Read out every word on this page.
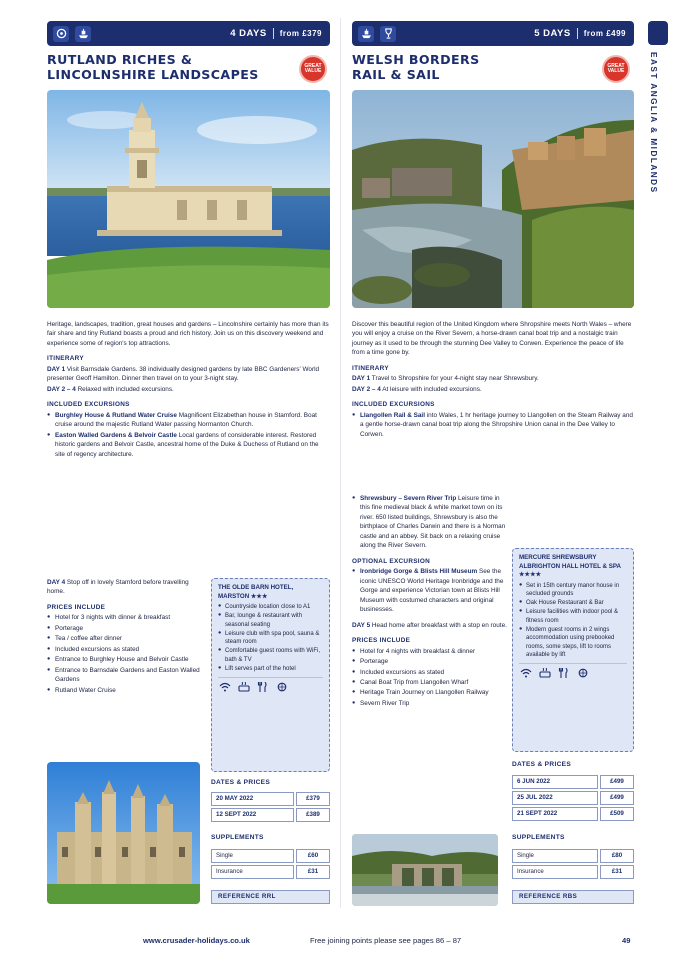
4 DAYS from £379
RUTLAND RICHES &
LINCOLNSHIRE LANDSCAPES
GREAT VALUE

Heritage, landscapes, tradition, great houses and gardens – Lincolnshire certainly has more than its fair share and tiny Rutland boasts a proud and rich history. Join us on this discovery weekend and experience some of region's top attractions.

ITINERARY
DAY 1 Visit Barnsdale Gardens. 38 individually designed gardens by late BBC Gardeners' World presenter Geoff Hamilton. Dinner then travel on to your 3-night stay.
DAY 2 – 4 Relaxed with included excursions.
INCLUDED EXCURSIONS
● Burghley House & Rutland Water Cruise Magnificent Elizabethan house in Stamford. Boat cruise around the majestic Rutland Water passing Normanton Church.
● Easton Walled Gardens & Belvoir Castle Local gardens of considerable interest. Restored historic gardens and Belvoir Castle, ancestral home of the Duke & Duchess of Rutland on the site of regency architecture.
DAY 4 Stop off in lovely Stamford before travelling home.
PRICES INCLUDE
● Hotel for 3 nights with dinner & breakfast
● Porterage
● Tea / coffee after dinner
● Included excursions as stated
● Entrance to Burghley House and Belvoir Castle
● Entrance to Barnsdale Gardens and Easton Walled Gardens
● Rutland Water Cruise
THE OLDE BARN HOTEL, MARSTON ★★★
● Countryside location close to A1
● Bar, lounge & restaurant with seasonal seating
● Leisure club with spa pool, sauna & steam room
● Comfortable guest rooms with WiFi, bath & TV
● Lift serves part of the hotel
DATES & PRICES
20 MAY 2022	£379
12 SEPT 2022	£389
SUPPLEMENTS
Single	£60
Insurance	£31
REFERENCE RRL
5 DAYS from £499
WELSH BORDERS
RAIL & SAIL
GREAT VALUE

Discover this beautiful region of the United Kingdom where Shropshire meets North Wales – where you will enjoy a cruise on the River Severn, a horse-drawn canal boat trip and a nostalgic train journey as it used to be through the stunning Dee Valley to Corwen. Experience the peace of life from a time gone by.

ITINERARY
DAY 1 Travel to Shropshire for your 4-night stay near Shrewsbury.
DAY 2 – 4 At leisure with included excursions.
INCLUDED EXCURSIONS
● Llangollen Rail & Sail into Wales, 1 hr heritage journey to Llangollen on the Steam Railway and a gentle horse-drawn canal boat trip along the Shropshire Union canal in the Dee Valley to Corwen.
● Shrewsbury – Severn River Trip Leisure time in this fine medieval black & white market town on its river. 650 listed buildings, Shrewsbury is also the birthplace of Charles Darwin and there is a Norman castle and an abbey. Sit back on a relaxing cruise along the River Severn.
OPTIONAL EXCURSION
● Ironbridge Gorge & Blists Hill Museum See the iconic UNESCO World Heritage Ironbridge and the Gorge and experience Victorian town at Blists Hill Museum with costumed characters and original businesses.
DAY 5 Head home after breakfast with a stop en route.
PRICES INCLUDE
● Hotel for 4 nights with breakfast & dinner
● Porterage
● Included excursions as stated
● Canal Boat Trip from Llangollen Wharf
● Heritage Train Journey on Llangollen Railway
● Severn River Trip
MERCURE SHREWSBURY ALBRIGHTON HALL HOTEL & SPA ★★★★
● Set in 15th century manor house in secluded grounds
● Oak House Restaurant & Bar
● Leisure facilities with indoor pool & fitness room
● Modern guest rooms in 2 wings accommodation using prebooked rooms, some steps, lift to rooms available by lift
DATES & PRICES
6 JUN 2022	£499
25 JUL 2022	£499
21 SEPT 2022	£509
SUPPLEMENTS
Single	£80
Insurance	£31
REFERENCE RBS
EAST ANGLIA & MIDLANDS
www.crusader-holidays.co.uk	Free joining points please see pages 86 – 87	49
